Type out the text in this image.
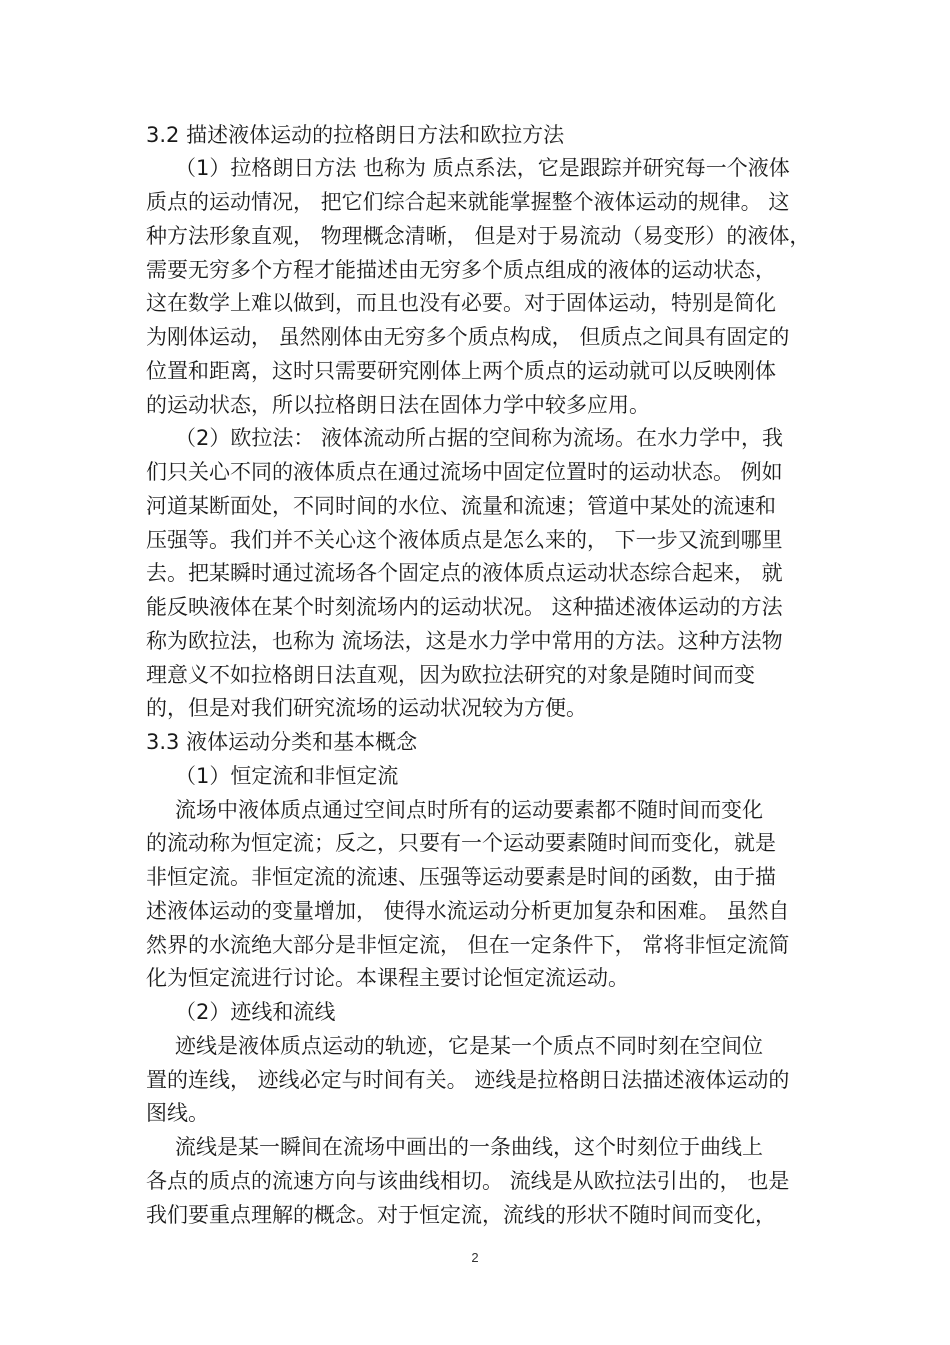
3.2 描述液体运动的拉格朗日方法和欧拉方法
（1）拉格朗日方法 也称为 质点系法，它是跟踪并研究每一个液体
质点的运动情况， 把它们综合起来就能掌握整个液体运动的规律。 这
种方法形象直观， 物理概念清晰， 但是对于易流动（易变形）的液体，
需要无穷多个方程才能描述由无穷多个质点组成的液体的运动状态，
这在数学上难以做到，而且也没有必要。对于固体运动，特别是简化
为刚体运动， 虽然刚体由无穷多个质点构成， 但质点之间具有固定的
位置和距离，这时只需要研究刚体上两个质点的运动就可以反映刚体
的运动状态，所以拉格朗日法在固体力学中较多应用。
（2）欧拉法： 液体流动所占据的空间称为流场。在水力学中，我
们只关心不同的液体质点在通过流场中固定位置时的运动状态。 例如
河道某断面处，不同时间的水位、流量和流速；管道中某处的流速和
压强等。我们并不关心这个液体质点是怎么来的， 下一步又流到哪里
去。把某瞬时通过流场各个固定点的液体质点运动状态综合起来， 就
能反映液体在某个时刻流场内的运动状况。 这种描述液体运动的方法
称为欧拉法，也称为 流场法，这是水力学中常用的方法。这种方法物
理意义不如拉格朗日法直观，因为欧拉法研究的对象是随时间而变
的，但是对我们研究流场的运动状况较为方便。
3.3 液体运动分类和基本概念
（1）恒定流和非恒定流
流场中液体质点通过空间点时所有的运动要素都不随时间而变化
的流动称为恒定流；反之，只要有一个运动要素随时间而变化，就是
非恒定流。非恒定流的流速、压强等运动要素是时间的函数，由于描
述液体运动的变量增加， 使得水流运动分析更加复杂和困难。 虽然自
然界的水流绝大部分是非恒定流， 但在一定条件下， 常将非恒定流简
化为恒定流进行讨论。本课程主要讨论恒定流运动。
（2）迹线和流线
迹线是液体质点运动的轨迹，它是某一个质点不同时刻在空间位
置的连线， 迹线必定与时间有关。 迹线是拉格朗日法描述液体运动的
图线。
流线是某一瞬间在流场中画出的一条曲线，这个时刻位于曲线上
各点的质点的流速方向与该曲线相切。 流线是从欧拉法引出的， 也是
我们要重点理解的概念。对于恒定流，流线的形状不随时间而变化，
2
